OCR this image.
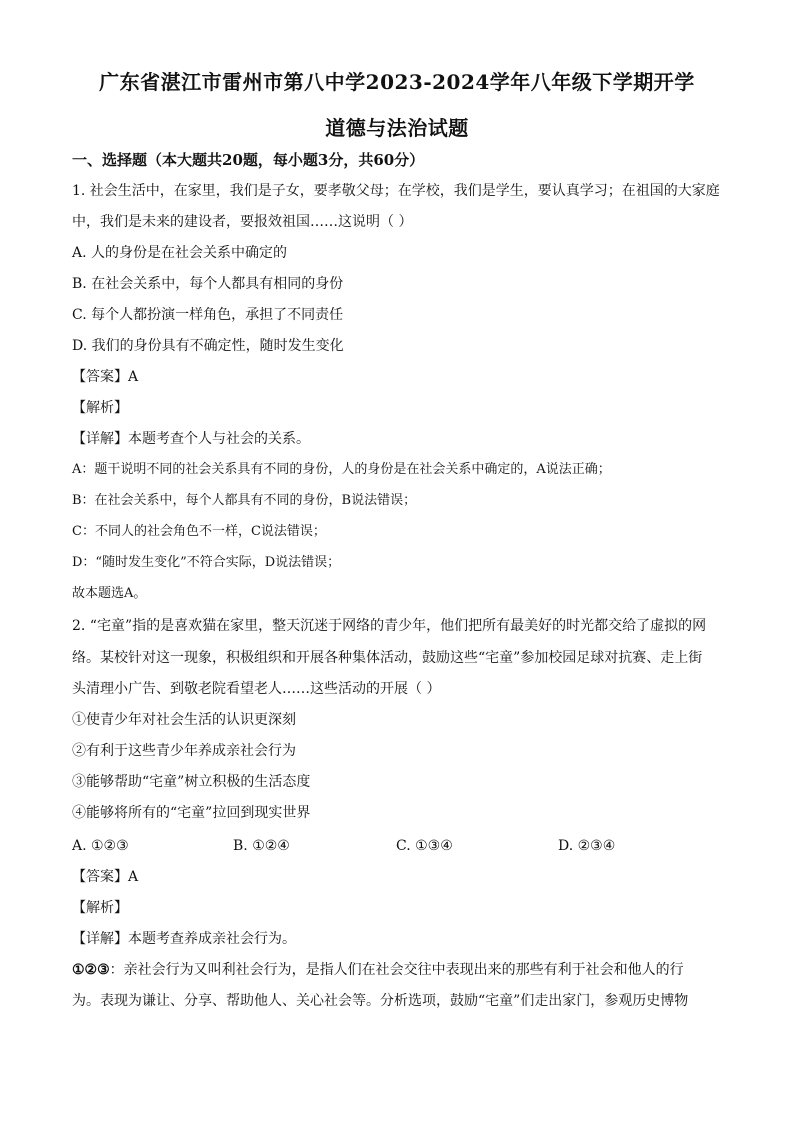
广东省湛江市雷州市第八中学2023-2024学年八年级下学期开学
道德与法治试题
一、选择题（本大题共20题，每小题3分，共60分）
1. 社会生活中，在家里，我们是子女，要孝敬父母；在学校，我们是学生，要认真学习；在祖国的大家庭
中，我们是未来的建设者，要报效祖国……这说明（ ）
A. 人的身份是在社会关系中确定的
B. 在社会关系中，每个人都具有相同的身份
C. 每个人都扮演一样角色，承担了不同责任
D. 我们的身份具有不确定性，随时发生变化
【答案】A
【解析】
【详解】本题考查个人与社会的关系。
A：题干说明不同的社会关系具有不同的身份，人的身份是在社会关系中确定的，A说法正确；
B：在社会关系中，每个人都具有不同的身份，B说法错误；
C：不同人的社会角色不一样，C说法错误；
D：“随时发生变化”不符合实际，D说法错误；
故本题选A。
2. “宅童”指的是喜欢猫在家里，整天沉迷于网络的青少年，他们把所有最美好的时光都交给了虚拟的网
络。某校针对这一现象，积极组织和开展各种集体活动，鼓励这些“宅童”参加校园足球对抗赛、走上街
头清理小广告、到敬老院看望老人……这些活动的开展（ ）
①使青少年对社会生活的认识更深刻
②有利于这些青少年养成亲社会行为
③能够帮助“宅童”树立积极的生活态度
④能够将所有的“宅童”拉回到现实世界
A. ①②③	B. ①②④	C. ①③④	D. ②③④
【答案】A
【解析】
【详解】本题考查养成亲社会行为。
①②③：亲社会行为又叫利社会行为，是指人们在社会交往中表现出来的那些有利于社会和他人的行
为。表现为谦让、分享、帮助他人、关心社会等。分析选项，鼓励“宅童”们走出家门，参观历史博物
